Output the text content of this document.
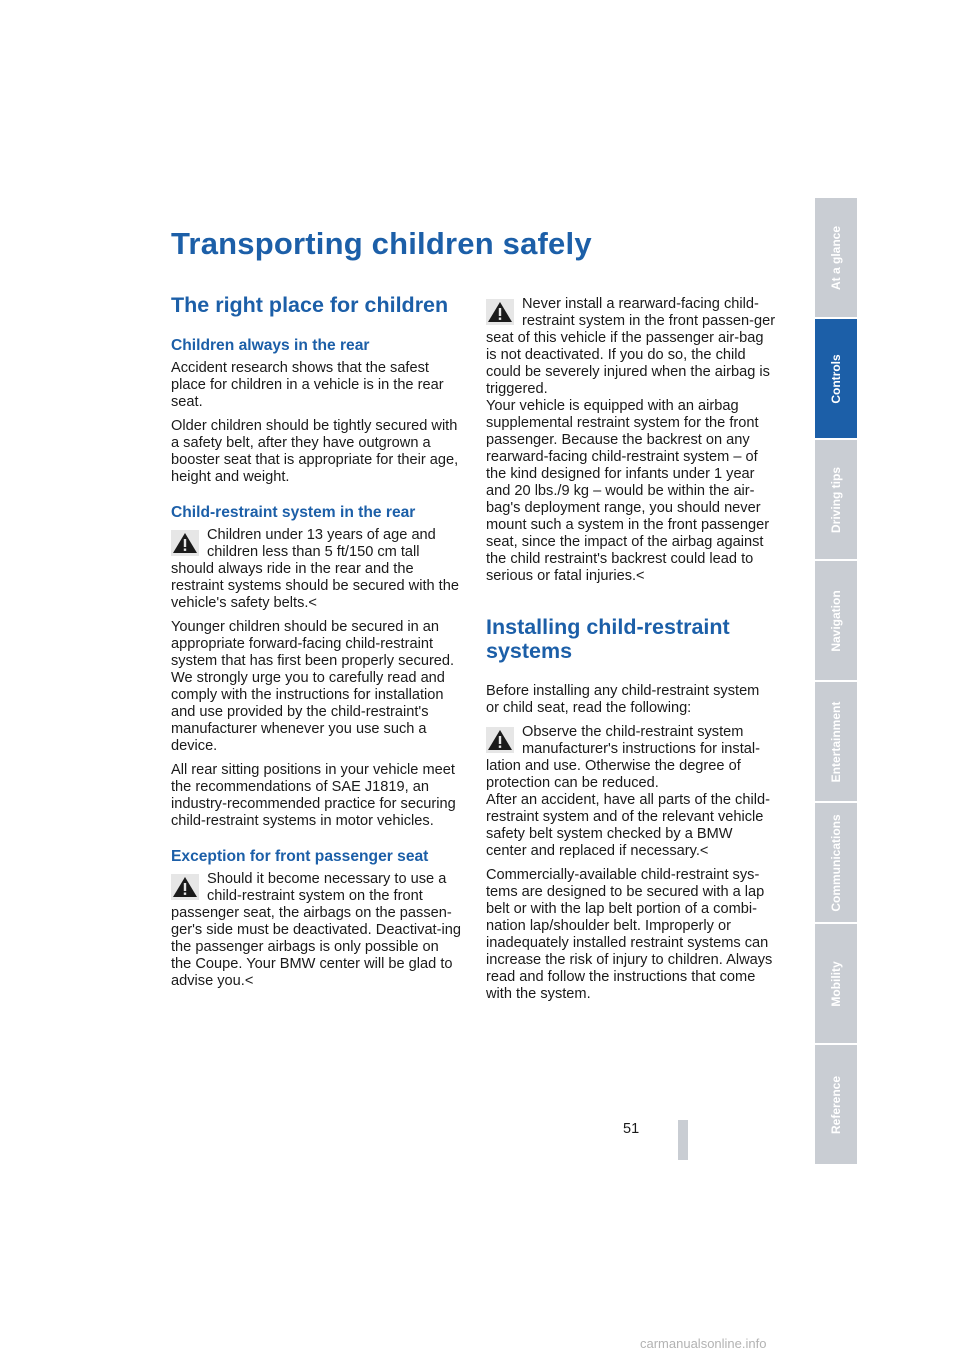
Transporting children safely
The right place for children
Children always in the rear

Accident research shows that the safest place for children in a vehicle is in the rear seat.

Older children should be tightly secured with a safety belt, after they have outgrown a booster seat that is appropriate for their age, height and weight.

Child-restraint system in the rear

Children under 13 years of age and children less than 5 ft/150 cm tall should always ride in the rear and the restraint systems should be secured with the vehicle's safety belts.<

Younger children should be secured in an appropriate forward-facing child-restraint system that has first been properly secured. We strongly urge you to carefully read and comply with the instructions for installation and use provided by the child-restraint's manufacturer whenever you use such a device.

All rear sitting positions in your vehicle meet the recommendations of SAE J1819, an industry-recommended practice for securing child-restraint systems in motor vehicles.

Exception for front passenger seat

Should it become necessary to use a child-restraint system on the front passenger seat, the airbags on the passen-ger's side must be deactivated. Deactivat-ing the passenger airbags is only possible on the Coupe. Your BMW center will be glad to advise you.<

Never install a rearward-facing child-restraint system in the front passen-ger seat of this vehicle if the passenger air-bag is not deactivated. If you do so, the child could be severely injured when the airbag is triggered.

Your vehicle is equipped with an airbag supplemental restraint system for the front passenger. Because the backrest on any rearward-facing child-restraint system – of the kind designed for infants under 1 year and 20 lbs./9 kg – would be within the air-bag's deployment range, you should never mount such a system in the front passenger seat, since the impact of the airbag against the child restraint's backrest could lead to serious or fatal injuries.<

Installing child-restraint systems

Before installing any child-restraint system or child seat, read the following:

Observe the child-restraint system manufacturer's instructions for instal-lation and use. Otherwise the degree of protection can be reduced.

After an accident, have all parts of the child-restraint system and of the relevant vehicle safety belt system checked by a BMW center and replaced if necessary.<

Commercially-available child-restraint sys-tems are designed to be secured with a lap belt or with the lap belt portion of a combi-nation lap/shoulder belt. Improperly or inadequately installed restraint systems can increase the risk of injury to children. Always read and follow the instructions that come with the system.

At a glance
Controls
Driving tips
Navigation
Entertainment
Communications
Mobility
Reference
51
carmanualsonline.info
